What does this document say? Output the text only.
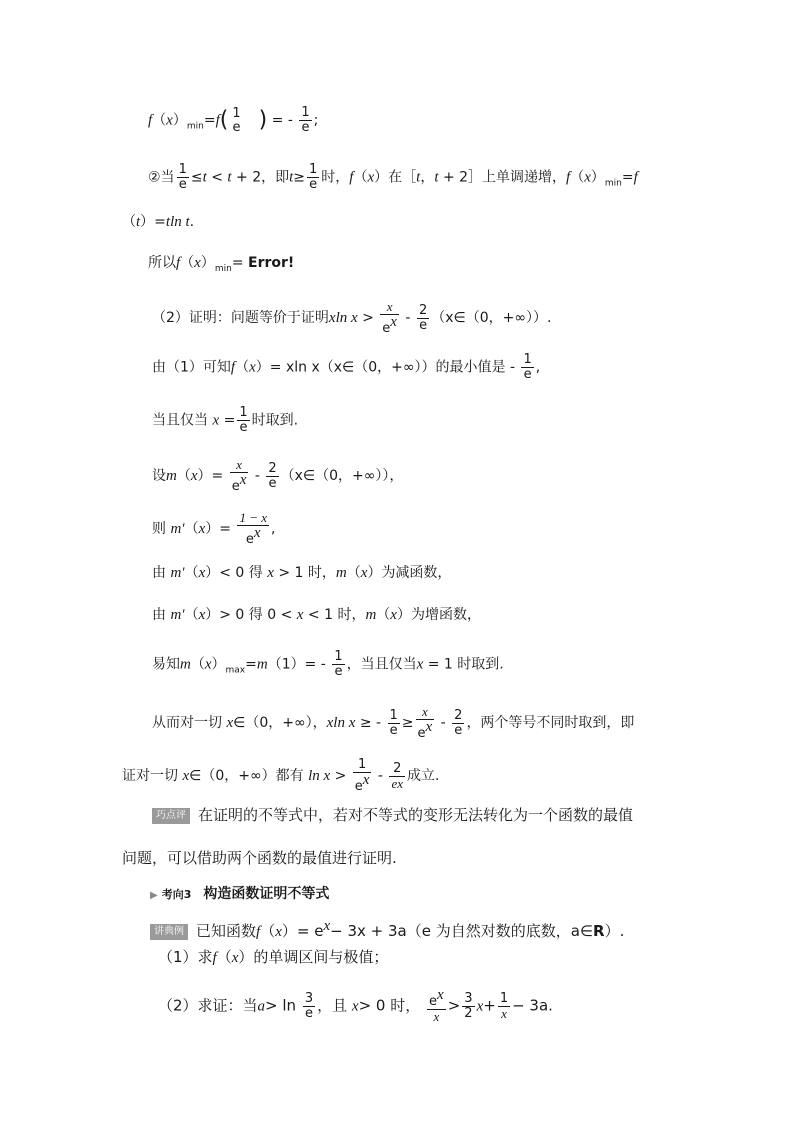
$f(x)_{min}=f$( 1
e ) = - $\frac{1}{e}$ ;
②当 $\frac{1}{e} \le t < t + 2$，即$t\ge \frac{1}{e}$ 时，f（x）在［t，t + 2］上单调递增，$f(x)_{min}=f$
（t）=tln t.
所以$f(x)_{min}=$ Error!
（2）证明：问题等价于证明xln $x > \frac{x}{e^x} - \frac{2}{e}$ （x∈（0，+∞））.
由（1）可知f（x）= xln x（x∈（0，+∞））的最小值是 - $\frac{1}{e}$ ,
当且仅当 $x = \frac{1}{e}$ 时取到.
设$m(x)= \frac{x}{e^x} - \frac{2}{e}$ （x∈（0，+∞）），
则 $m'(x)= \frac{1 - x}{e^x}$ ,
由 m′（x）< 0 得 x > 1 时，m（x）为减函数，
由 m′（x）> 0 得 0 < x < 1 时，m（x）为增函数，
易知$m(x)_{max}=m(1)= - \frac{1}{e}$ ，当且仅当x = 1 时取到.
从而对一切 x∈（0，+∞），xln x ≥ - $\frac{1}{e} \ge \frac{x}{e^x} - \frac{2}{e}$ ，两个等号不同时取到，即
证对一切 x∈（0，+∞）都有 $\ln x > \frac{1}{e^x} - \frac{2}{ex}$ 成立.
巧点评 在证明的不等式中，若对不等式的变形无法转化为一个函数的最值
问题，可以借助两个函数的最值进行证明.
▶ 考向3 构造函数证明不等式
讲典例 已知函数$f(x)= e^x- 3x + 3a(e$ 为自然对数的底数，a∈R）.
（1）求f（x）的单调区间与极值；
（2）求证：当$a> \ln \frac{3}{e}$ ，且 x> 0 时， $\frac{e^x}{x} > \frac{3}{2} x+ \frac{1}{x} - 3a$.
